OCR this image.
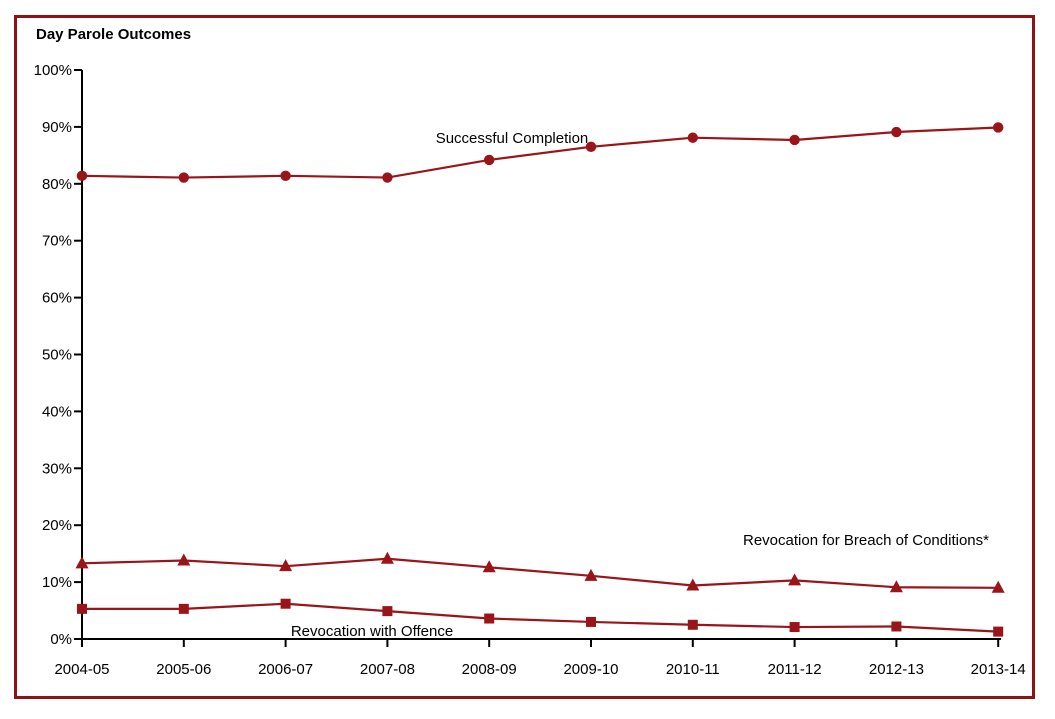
Day Parole Outcomes
0%
10%
20%
30%
40%
50%
60%
70%
80%
90%
100%
2004-05	2005-06	2006-07	2007-08	2008-09	2009-10	2010-11	2011-12	2012-13	2013-14
Successful Completion
Revocation for Breach of Conditions*
Revocation with Offence
